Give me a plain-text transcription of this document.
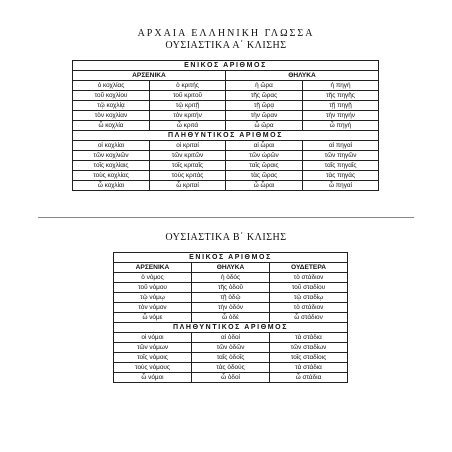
ΑΡΧΑΙΑ ΕΛΛΗΝΙΚΗ ΓΛΩΣΣΑ
ΟΥΣΙΑΣΤΙΚΑ Α΄ ΚΛΙΣΗΣ
ΕΝΙΚΟΣ ΑΡΙΘΜΟΣ			
ΑΡΣΕΝΙΚΑ		ΘΗΛΥΚΑ	
ὁ κοχλίας	ὁ κριτής	ἡ ὥρα	ἡ πηγή
τοῦ κοχλίου	τοῦ κριτοῦ	τῆς ὥρας	τῆς πηγῆς
τῷ κοχλίᾳ	τῷ κριτῇ	τῇ ὥρᾳ	τῇ πηγῇ
τὸν κοχλίαν	τὸν κριτήν	τὴν ὥραν	τὴν πηγήν
ὦ κοχλία	ὦ κριτά	ὦ ὥρα	ὦ πηγή
ΠΛΗΘΥΝΤΙΚΟΣ ΑΡΙΘΜΟΣ			
οἱ κοχλίαι	οἱ κριταί	αἱ ὧραι	αἱ πηγαί
τῶν κοχλιῶν	τῶν κριτῶν	τῶν ὡρῶν	τῶν πηγῶν
τοῖς κοχλίαις	τοῖς κριταῖς	ταῖς ὥραις	ταῖς πηγαῖς
τοὺς κοχλίας	τοὺς κριτάς	τὰς ὥρας	τὰς πηγάς
ὦ κοχλίαι	ὦ κριταί	ὦ ὧραι	ὦ πηγαί
ΟΥΣΙΑΣΤΙΚΑ Β΄ ΚΛΙΣΗΣ
ΕΝΙΚΟΣ ΑΡΙΘΜΟΣ		
ΑΡΣΕΝΙΚΑ	ΘΗΛΥΚΑ	ΟΥΔΕΤΕΡΑ
ὁ νόμος	ἡ ὁδός	τὸ στάδιον
τοῦ νόμου	τῆς ὁδοῦ	τοῦ σταδίου
τῷ νόμῳ	τῇ ὁδῷ	τῷ σταδίῳ
τὸν νόμον	τὴν ὁδόν	τὸ στάδιον
ὦ νόμε	ὦ ὁδέ	ὦ στάδιον
ΠΛΗΘΥΝΤΙΚΟΣ ΑΡΙΘΜΟΣ		
οἱ νόμοι	αἱ ὁδοί	τὰ στάδια
τῶν νόμων	τῶν ὁδῶν	τῶν σταδίων
τοῖς νόμοις	ταῖς ὁδοῖς	τοῖς σταδίοις
τοὺς νόμους	τὰς ὁδούς	τὰ στάδια
ὦ νόμοι	ὦ ὁδοί	ὦ στάδια
